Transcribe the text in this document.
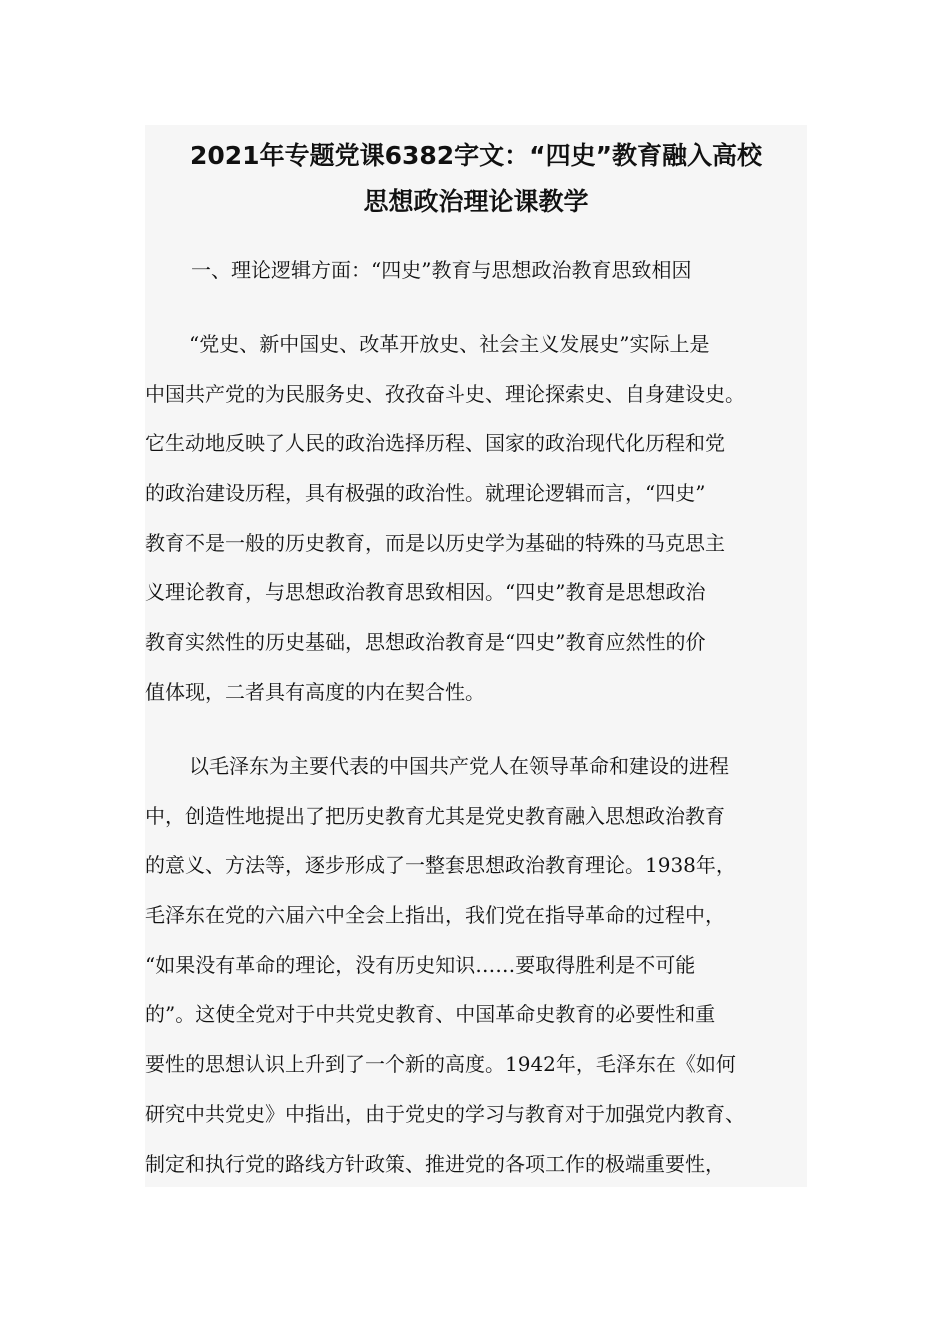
2021年专题党课6382字文：“四史”教育融入高校
思想政治理论课教学
一、理论逻辑方面：“四史”教育与思想政治教育思致相因
“党史、新中国史、改革开放史、社会主义发展史”实际上是
中国共产党的为民服务史、孜孜奋斗史、理论探索史、自身建设史。
它生动地反映了人民的政治选择历程、国家的政治现代化历程和党
的政治建设历程，具有极强的政治性。就理论逻辑而言，“四史”
教育不是一般的历史教育，而是以历史学为基础的特殊的马克思主
义理论教育，与思想政治教育思致相因。“四史”教育是思想政治
教育实然性的历史基础，思想政治教育是“四史”教育应然性的价
值体现，二者具有高度的内在契合性。
以毛泽东为主要代表的中国共产党人在领导革命和建设的进程
中，创造性地提出了把历史教育尤其是党史教育融入思想政治教育
的意义、方法等，逐步形成了一整套思想政治教育理论。1938年，
毛泽东在党的六届六中全会上指出，我们党在指导革命的过程中，
“如果没有革命的理论，没有历史知识……要取得胜利是不可能
的”。这使全党对于中共党史教育、中国革命史教育的必要性和重
要性的思想认识上升到了一个新的高度。1942年，毛泽东在《如何
研究中共党史》中指出，由于党史的学习与教育对于加强党内教育、
制定和执行党的路线方针政策、推进党的各项工作的极端重要性，
